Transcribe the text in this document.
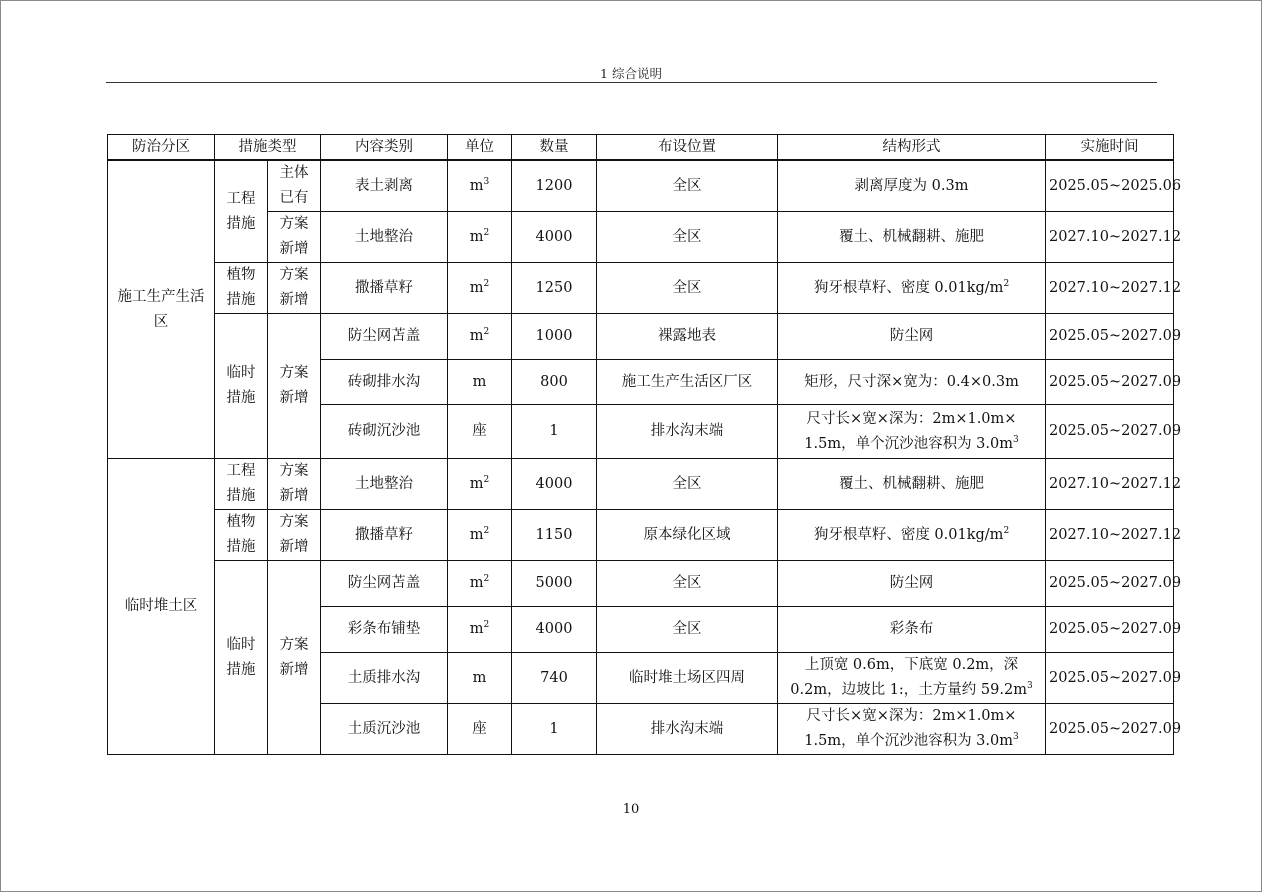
1 综合说明
防治分区	措施类型		内容类别	单位	数量	布设位置	结构形式	实施时间

施工生产生活区	工程措施	主体已有	表土剥离	$m^3$	1200	全区	剥离厚度为 0.3m	2025.05~2025.06

		方案新增	土地整治	$m^2$	4000	全区	覆土、机械翻耕、施肥	2027.10~2027.12

	植物措施	方案新增	撒播草籽	$m^2$	1250	全区	狗牙根草籽、密度 $0.01kg/m^2$	2027.10~2027.12

	临时措施	方案新增	防尘网苫盖	$m^2$	1000	裸露地表	防尘网	2025.05~2027.09
			砖砌排水沟	m	800	施工生产生活区厂区	矩形，尺寸深×宽为：0.4×0.3m	2025.05~2027.09
			砖砌沉沙池	座	1	排水沟末端	尺寸长×宽×深为：2m×1.0m×
1.5m，单个沉沙池容积为 $3.0m^3$	2025.05~2027.09

临时堆土区	工程措施	方案新增	土地整治	$m^2$	4000	全区	覆土、机械翻耕、施肥	2027.10~2027.12

	植物措施	方案新增	撒播草籽	$m^2$	1150	原本绿化区域	狗牙根草籽、密度 $0.01kg/m^2$	2027.10~2027.12

	临时措施	方案新增	防尘网苫盖	$m^2$	5000	全区	防尘网	2025.05~2027.09
			彩条布铺垫	$m^2$	4000	全区	彩条布	2025.05~2027.09
			土质排水沟	m	740	临时堆土场区四周	上顶宽 0.6m，下底宽 0.2m，深
0.2m，边坡比 1:，土方量约 $59.2m^3$	2025.05~2027.09
			土质沉沙池	座	1	排水沟末端	尺寸长×宽×深为：2m×1.0m×
1.5m，单个沉沙池容积为 $3.0m^3$	2025.05~2027.09
10
